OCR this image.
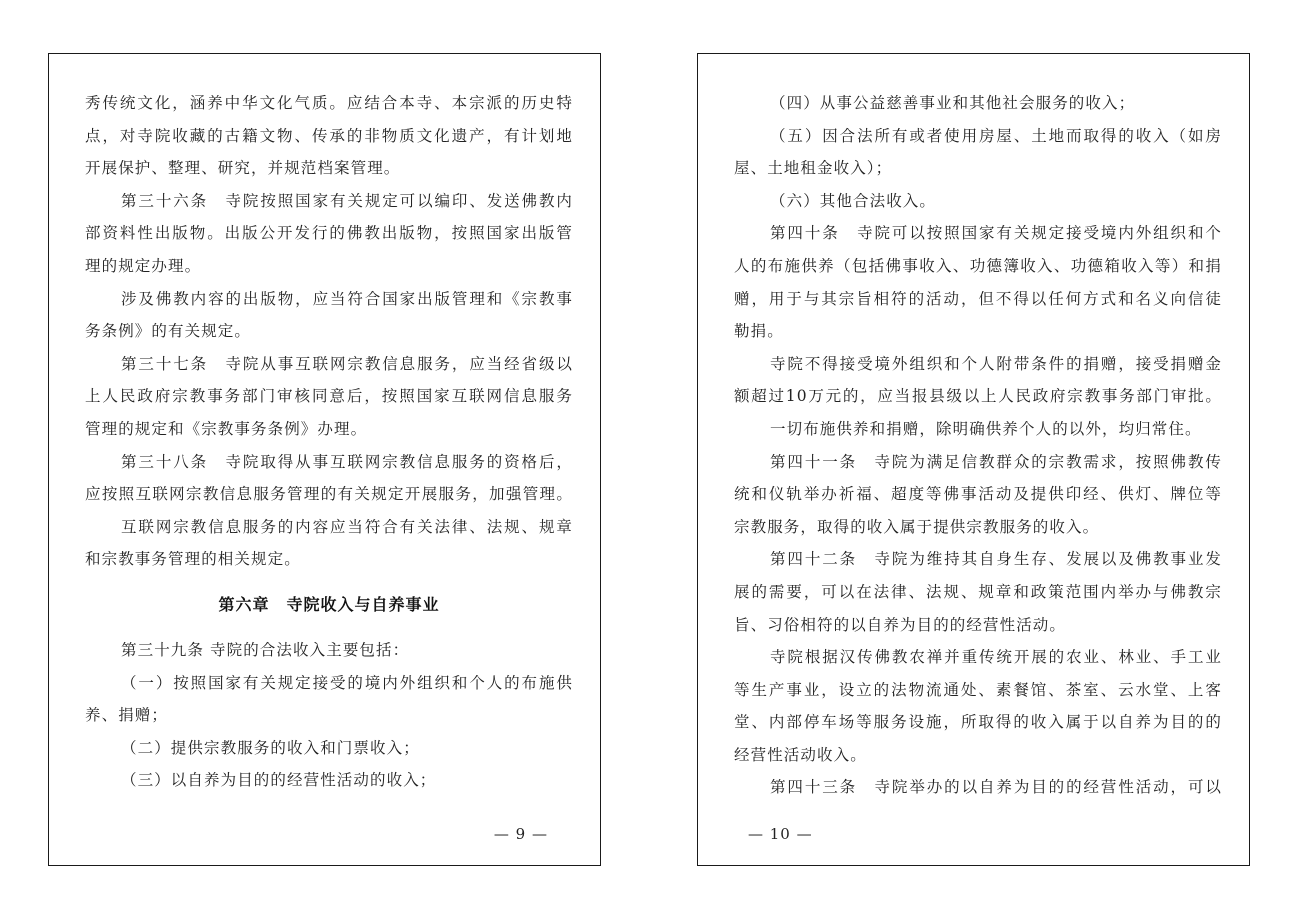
秀传统文化，涵养中华文化气质。应结合本寺、本宗派的历史特
点，对寺院收藏的古籍文物、传承的非物质文化遗产，有计划地
开展保护、整理、研究，并规范档案管理。
第三十六条　寺院按照国家有关规定可以编印、发送佛教内
部资料性出版物。出版公开发行的佛教出版物，按照国家出版管
理的规定办理。
涉及佛教内容的出版物，应当符合国家出版管理和《宗教事
务条例》的有关规定。
第三十七条　寺院从事互联网宗教信息服务，应当经省级以
上人民政府宗教事务部门审核同意后，按照国家互联网信息服务
管理的规定和《宗教事务条例》办理。
第三十八条　寺院取得从事互联网宗教信息服务的资格后，
应按照互联网宗教信息服务管理的有关规定开展服务，加强管理。
互联网宗教信息服务的内容应当符合有关法律、法规、规章
和宗教事务管理的相关规定。
第六章　寺院收入与自养事业
第三十九条 寺院的合法收入主要包括：
（一）按照国家有关规定接受的境内外组织和个人的布施供
养、捐赠；
（二）提供宗教服务的收入和门票收入；
（三）以自养为目的的经营性活动的收入；
— 9 —
（四）从事公益慈善事业和其他社会服务的收入；
（五）因合法所有或者使用房屋、土地而取得的收入（如房
屋、土地租金收入）；
（六）其他合法收入。
第四十条　寺院可以按照国家有关规定接受境内外组织和个
人的布施供养（包括佛事收入、功德簿收入、功德箱收入等）和捐
赠，用于与其宗旨相符的活动，但不得以任何方式和名义向信徒
勒捐。
寺院不得接受境外组织和个人附带条件的捐赠，接受捐赠金
额超过10万元的，应当报县级以上人民政府宗教事务部门审批。
一切布施供养和捐赠，除明确供养个人的以外，均归常住。
第四十一条　寺院为满足信教群众的宗教需求，按照佛教传
统和仪轨举办祈福、超度等佛事活动及提供印经、供灯、牌位等
宗教服务，取得的收入属于提供宗教服务的收入。
第四十二条　寺院为维持其自身生存、发展以及佛教事业发
展的需要，可以在法律、法规、规章和政策范围内举办与佛教宗
旨、习俗相符的以自养为目的的经营性活动。
寺院根据汉传佛教农禅并重传统开展的农业、林业、手工业
等生产事业，设立的法物流通处、素餐馆、茶室、云水堂、上客
堂、内部停车场等服务设施，所取得的收入属于以自养为目的的
经营性活动收入。
第四十三条　寺院举办的以自养为目的的经营性活动，可以
— 10 —
